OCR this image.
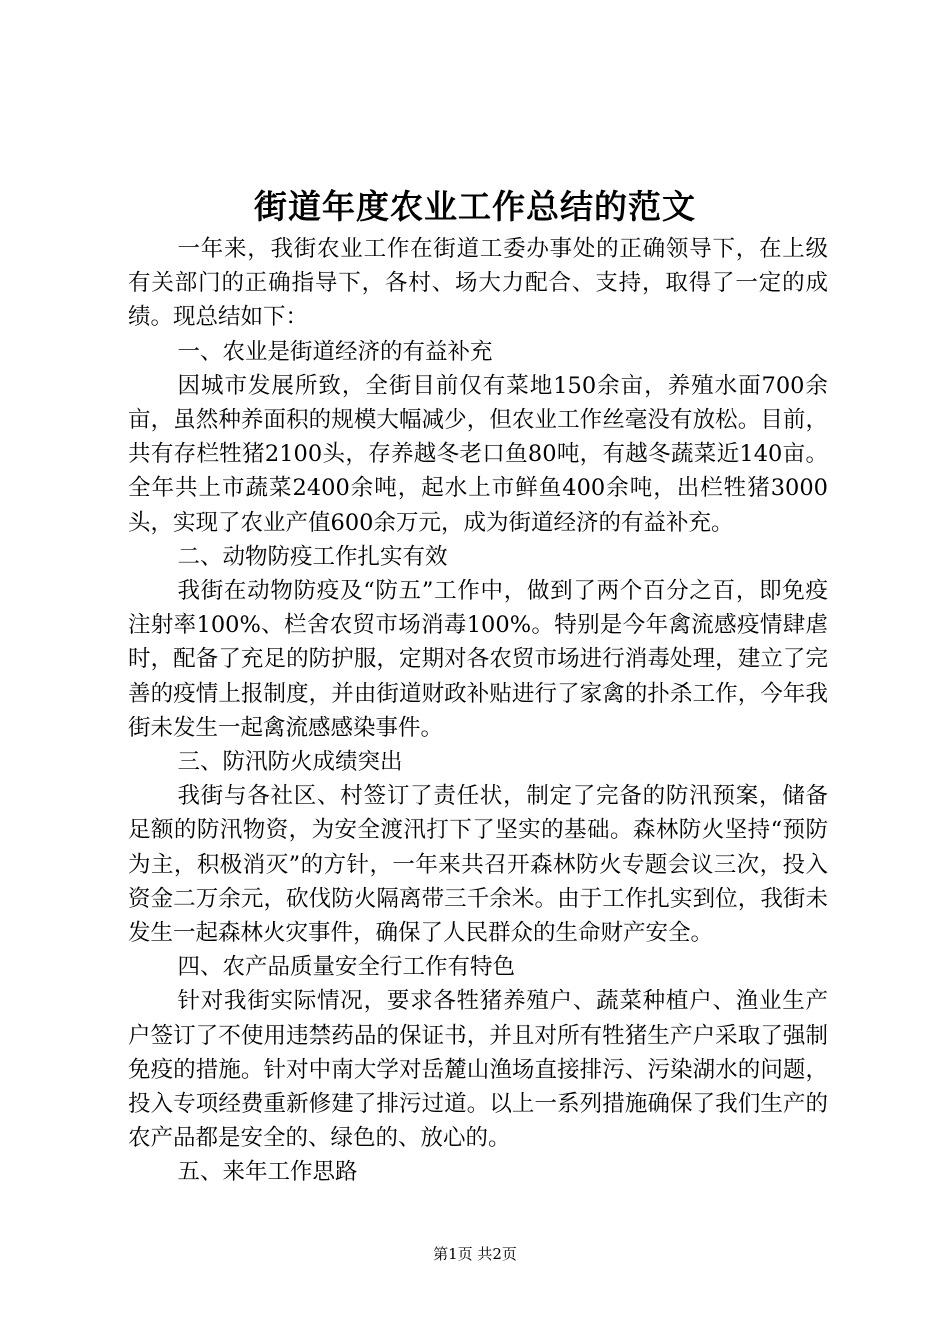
街道年度农业工作总结的范文

一年来，我街农业工作在街道工委办事处的正确领导下，在上级有关部门的正确指导下，各村、场大力配合、支持，取得了一定的成绩。现总结如下：

一、农业是街道经济的有益补充

因城市发展所致，全街目前仅有菜地150余亩，养殖水面700余亩，虽然种养面积的规模大幅减少，但农业工作丝毫没有放松。目前，共有存栏牲猪2100头，存养越冬老口鱼80吨，有越冬蔬菜近140亩。全年共上市蔬菜2400余吨，起水上市鲜鱼400余吨，出栏牲猪3000头，实现了农业产值600余万元，成为街道经济的有益补充。

二、动物防疫工作扎实有效

我街在动物防疫及“防五”工作中，做到了两个百分之百，即免疫注射率100%、栏舍农贸市场消毒100%。特别是今年禽流感疫情肆虐时，配备了充足的防护服，定期对各农贸市场进行消毒处理，建立了完善的疫情上报制度，并由街道财政补贴进行了家禽的扑杀工作，今年我街未发生一起禽流感感染事件。

三、防汛防火成绩突出

我街与各社区、村签订了责任状，制定了完备的防汛预案，储备足额的防汛物资，为安全渡汛打下了坚实的基础。森林防火坚持“预防为主，积极消灭”的方针，一年来共召开森林防火专题会议三次，投入资金二万余元，砍伐防火隔离带三千余米。由于工作扎实到位，我街未发生一起森林火灾事件，确保了人民群众的生命财产安全。

四、农产品质量安全行工作有特色

针对我街实际情况，要求各牲猪养殖户、蔬菜种植户、渔业生产户签订了不使用违禁药品的保证书，并且对所有牲猪生产户采取了强制免疫的措施。针对中南大学对岳麓山渔场直接排污、污染湖水的问题，投入专项经费重新修建了排污过道。以上一系列措施确保了我们生产的农产品都是安全的、绿色的、放心的。

五、来年工作思路

第1页 共2页
